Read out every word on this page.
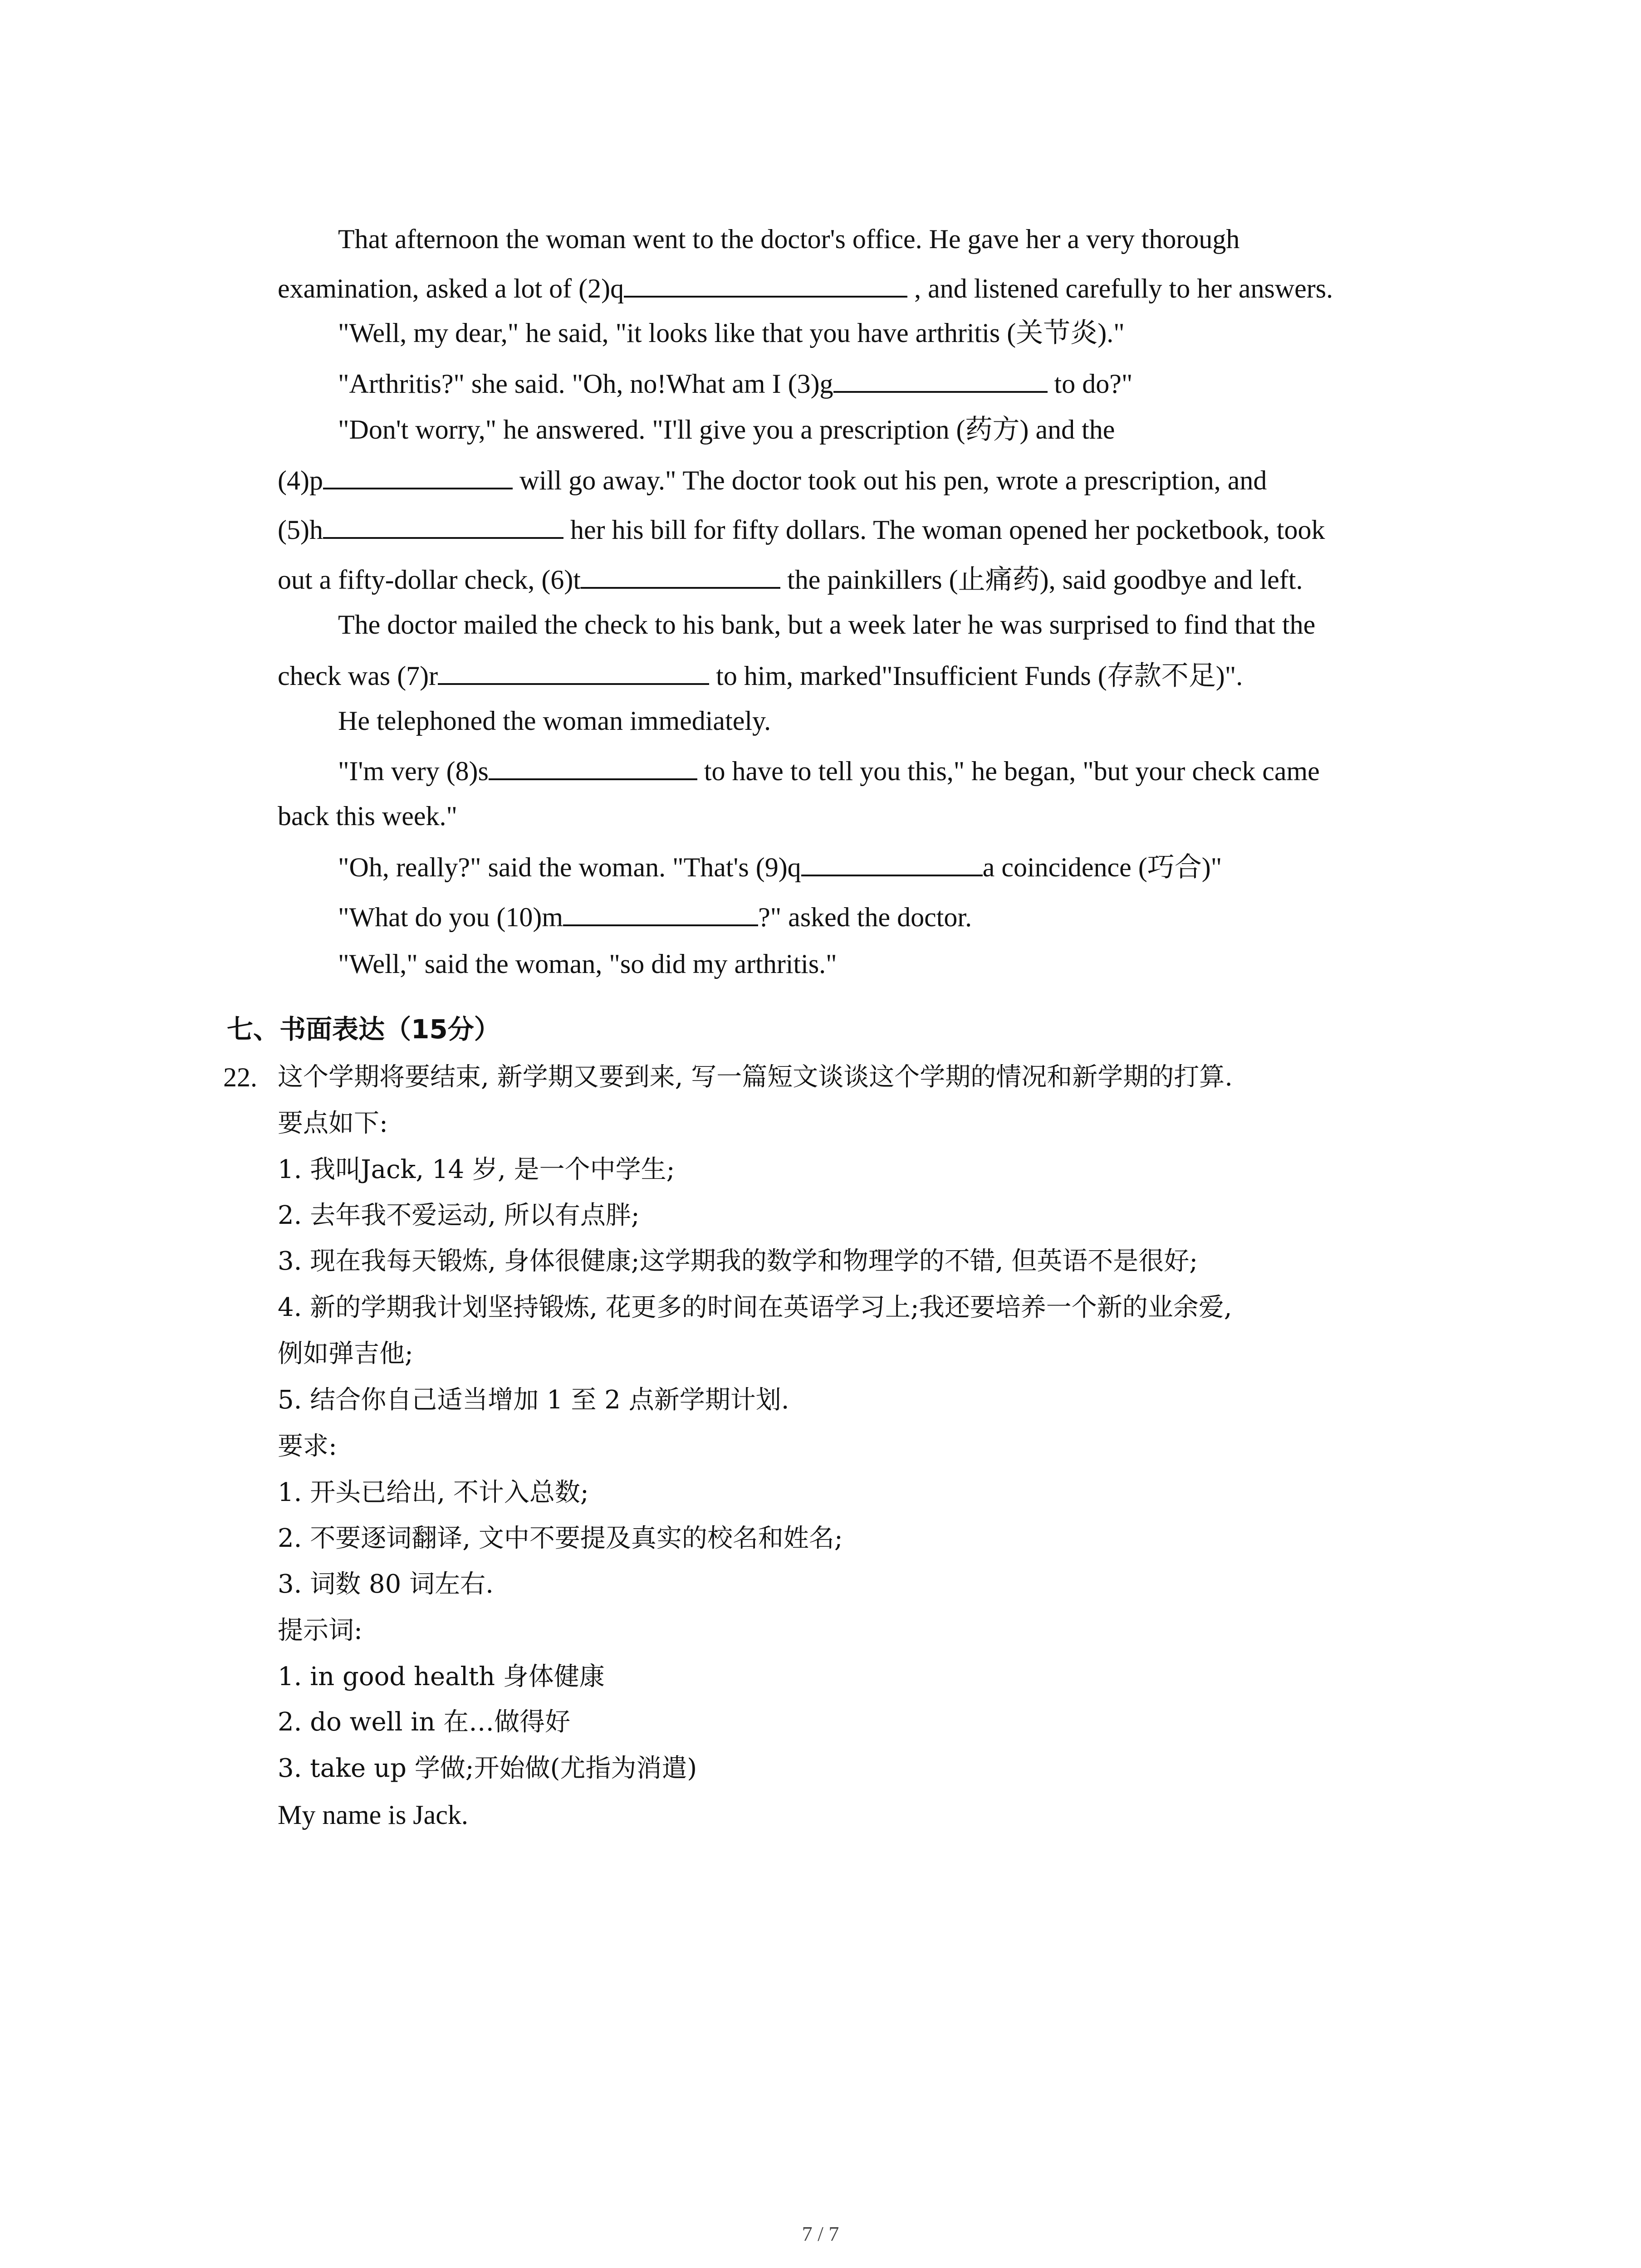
That afternoon the woman went to the doctor's office. He gave her a very thorough
examination, asked a lot of (2)q	, and listened carefully to her answers.
"Well, my dear," he said, "it looks like that you have arthritis (关节炎)."
"Arthritis?" she said. "Oh, no!What am I (3)g	to do?"
"Don't worry," he answered. "I'll give you a prescription (药方) and the
(4)p	will go away." The doctor took out his pen, wrote a prescription, and
(5)h	her his bill for fifty dollars. The woman opened her pocketbook, took
out a fifty-dollar check, (6)t	the painkillers (止痛药), said goodbye and left.
The doctor mailed the check to his bank, but a week later he was surprised to find that the
check was (7)r	to him, marked"Insufficient Funds (存款不足)".
He telephoned the woman immediately.
"I'm very (8)s	to have to tell you this," he began, "but your check came
back this week."
"Oh, really?" said the woman. "That's (9)q	a coincidence (巧合)"
"What do you (10)m	?" asked the doctor.
"Well," said the woman, "so did my arthritis."
七、书面表达（15分）
22. 这个学期将要结束, 新学期又要到来, 写一篇短文谈谈这个学期的情况和新学期的打算.
要点如下:
1. 我叫Jack, 14 岁, 是一个中学生;
2. 去年我不爱运动, 所以有点胖;
3. 现在我每天锻炼, 身体很健康;这学期我的数学和物理学的不错, 但英语不是很好;
4. 新的学期我计划坚持锻炼, 花更多的时间在英语学习上;我还要培养一个新的业余爱,
例如弹吉他;
5. 结合你自己适当增加 1 至 2 点新学期计划.
要求:
1. 开头已给出, 不计入总数;
2. 不要逐词翻译, 文中不要提及真实的校名和姓名;
3. 词数 80 词左右.
提示词:
1. in good health 身体健康
2. do well in 在…做得好
3. take up 学做;开始做(尤指为消遣)
My name is Jack.
7 / 7
